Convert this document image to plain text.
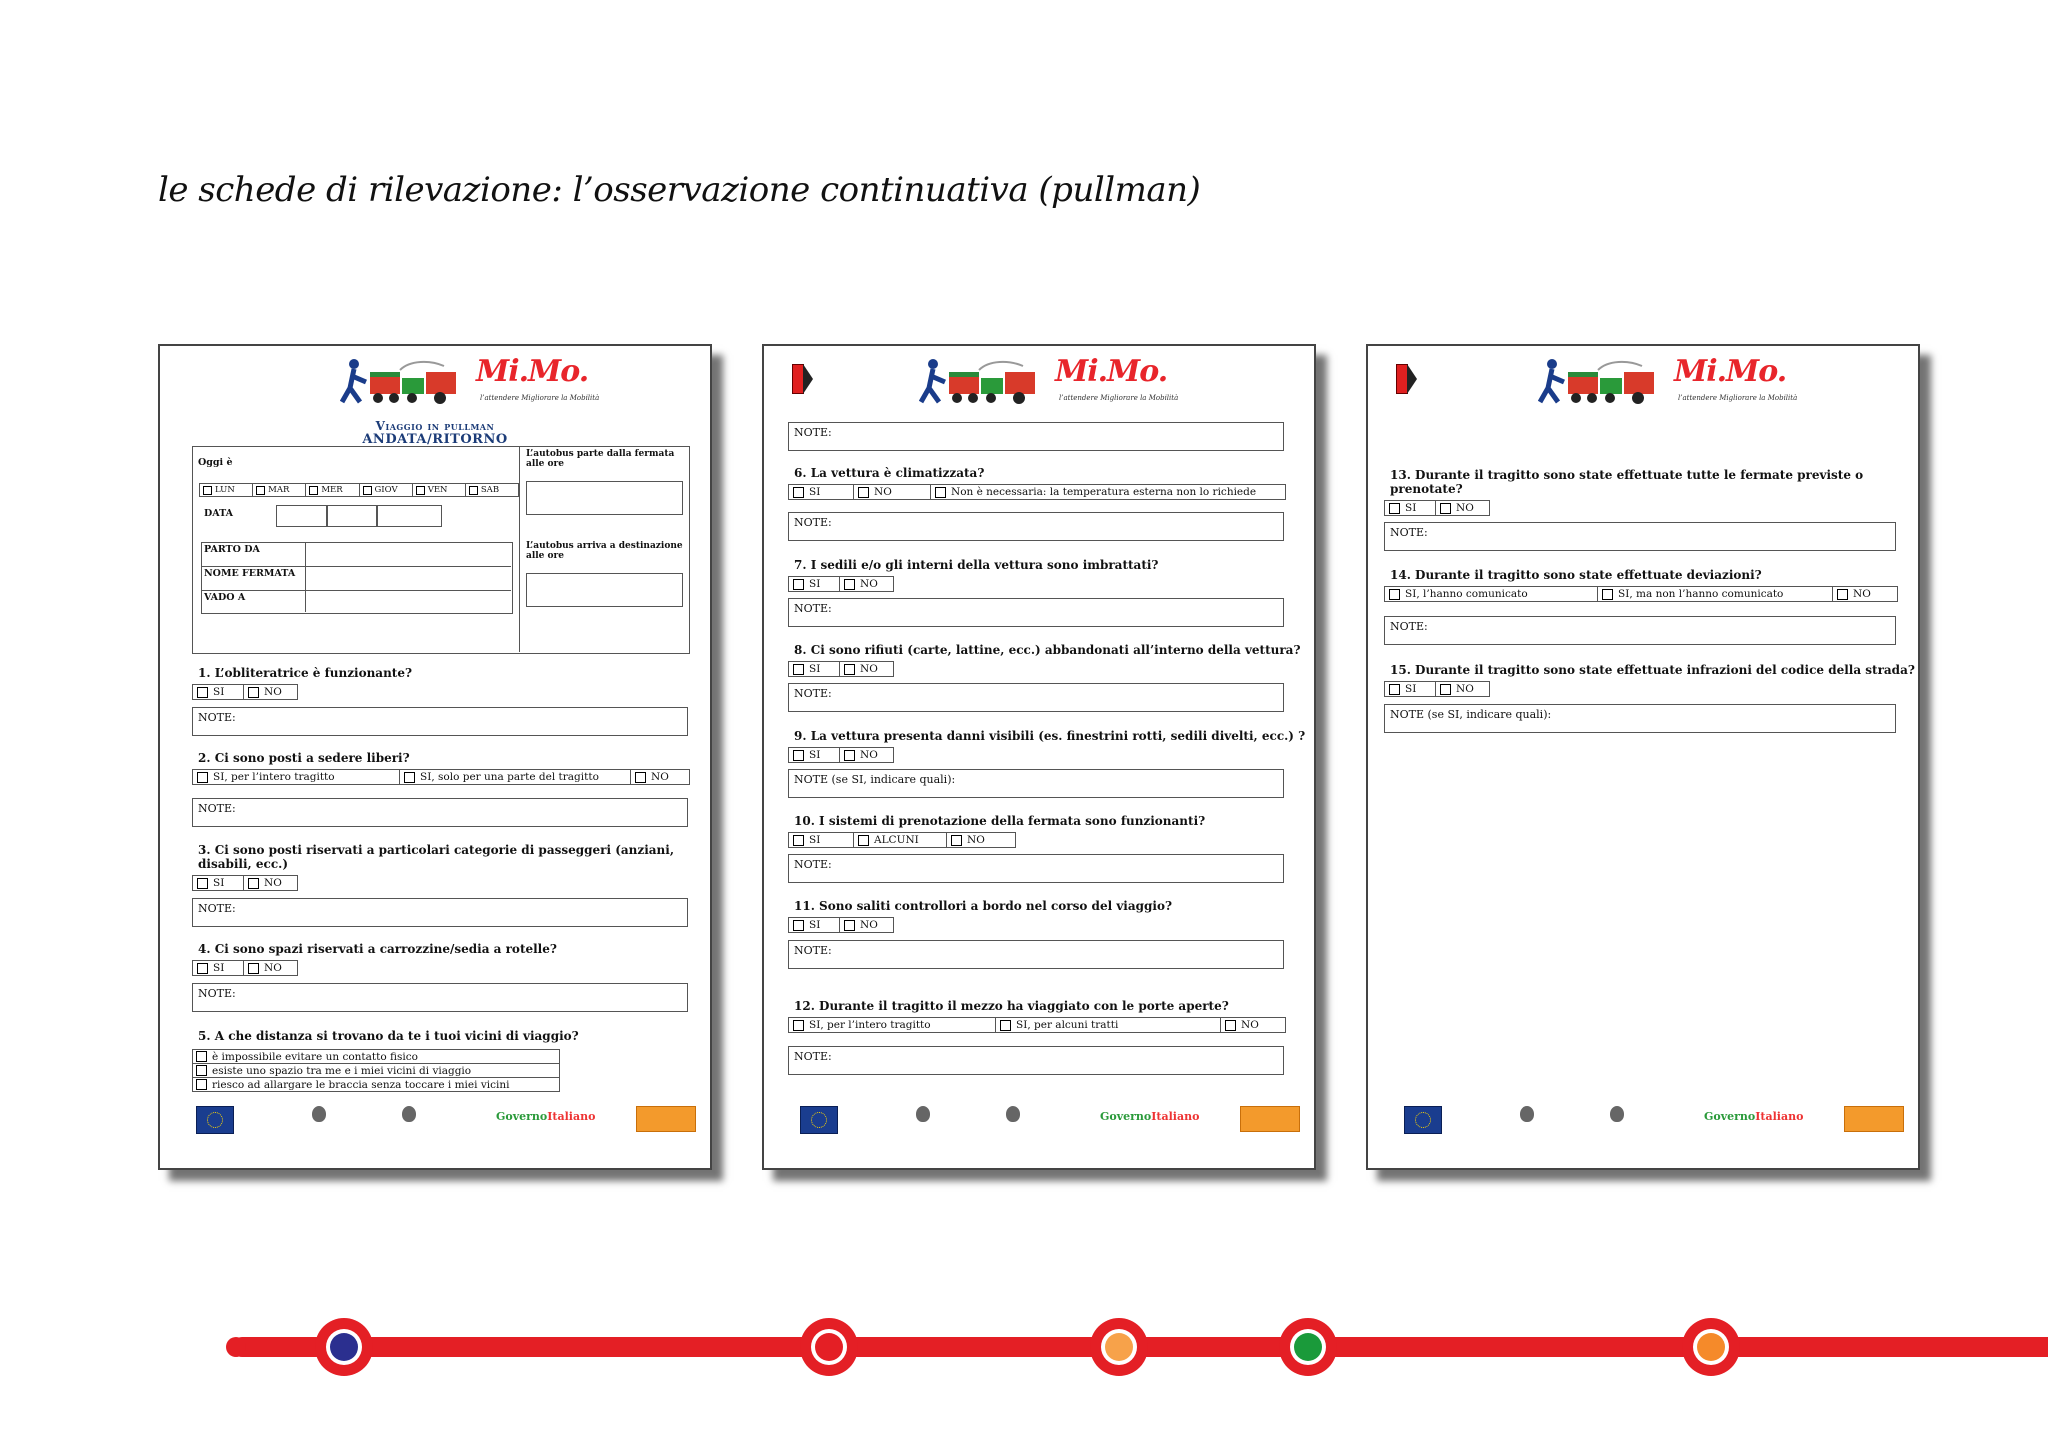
le schede di rilevazione: l’osservazione continuativa (pullman)
Mi.Mo.
l’attendere Migliorare la Mobilità
Viaggio in pullman
ANDATA/RITORNO
Oggi è
L’autobus parte dalla fermata alle ore
L’autobus arriva a destinazione alle ore
LUN	MAR	MER	GIOV	VEN	SAB
DATA
PARTO DA
NOME FERMATA
VADO A
1. L’obliteratrice è funzionante?
SI	NO
NOTE:
2. Ci sono posti a sedere liberi?
SI, per l’intero tragitto	SI, solo per una parte del tragitto	NO
NOTE:
3. Ci sono posti riservati a particolari categorie di passeggeri (anziani, disabili, ecc.)
SI	NO
NOTE:
4. Ci sono spazi riservati a carrozzine/sedia a rotelle?
SI	NO
NOTE:
5. A che distanza si trovano da te i tuoi vicini di viaggio?
è impossibile evitare un contatto fisico
esiste uno spazio tra me e i miei vicini di viaggio
riesco ad allargare le braccia senza toccare i miei vicini
GovernoItaliano
Mi.Mo.
l’attendere Migliorare la Mobilità
NOTE:
6. La vettura è climatizzata?
SI	NO	Non è necessaria: la temperatura esterna non lo richiede
NOTE:
7. I sedili e/o gli interni della vettura sono imbrattati?
SI	NO
NOTE:
8. Ci sono rifiuti (carte, lattine, ecc.) abbandonati all’interno della vettura?
SI	NO
NOTE:
9. La vettura presenta danni visibili (es. finestrini rotti, sedili divelti, ecc.) ?
SI	NO
NOTE (se SI, indicare quali):
10. I sistemi di prenotazione della fermata sono funzionanti?
SI	ALCUNI	NO
NOTE:
11. Sono saliti controllori a bordo nel corso del viaggio?
SI	NO
NOTE:
12. Durante il tragitto il mezzo ha viaggiato con le porte aperte?
SI, per l’intero tragitto	SI, per alcuni tratti	NO
NOTE:
GovernoItaliano
Mi.Mo.
l’attendere Migliorare la Mobilità
13. Durante il tragitto sono state effettuate tutte le fermate previste o prenotate?
SI	NO
NOTE:
14. Durante il tragitto sono state effettuate deviazioni?
SI, l’hanno comunicato	SI, ma non l’hanno comunicato	NO
NOTE:
15. Durante il tragitto sono state effettuate infrazioni del codice della strada?
SI	NO
NOTE (se SI, indicare quali):
GovernoItaliano
